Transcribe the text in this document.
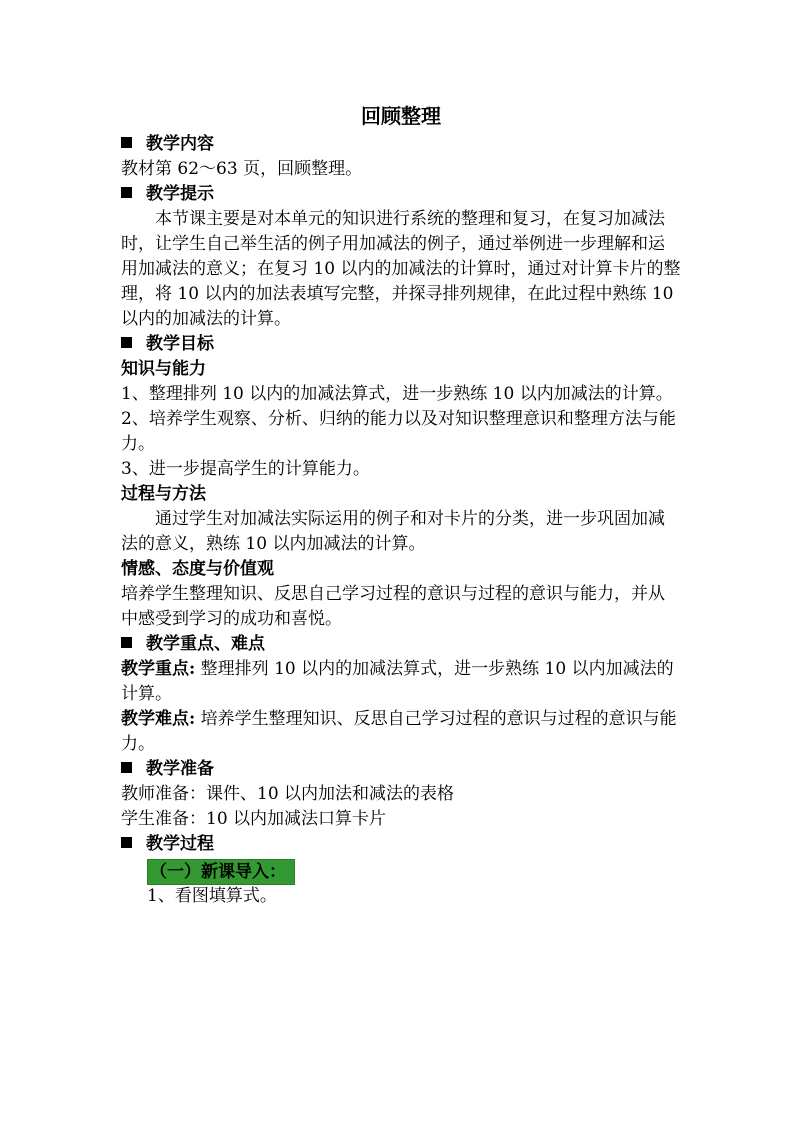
回顾整理
教学内容

教材第 62～63 页，回顾整理。

教学提示

本节课主要是对本单元的知识进行系统的整理和复习，在复习加减法时，让学生自己举生活的例子用加减法的例子，通过举例进一步理解和运用加减法的意义；在复习 10 以内的加减法的计算时，通过对计算卡片的整理，将 10 以内的加法表填写完整，并探寻排列规律，在此过程中熟练 10 以内的加减法的计算。

教学目标
知识与能力

1、整理排列 10 以内的加减法算式，进一步熟练 10 以内加减法的计算。

2、培养学生观察、分析、归纳的能力以及对知识整理意识和整理方法与能力。

3、进一步提高学生的计算能力。

过程与方法

通过学生对加减法实际运用的例子和对卡片的分类，进一步巩固加减法的意义，熟练 10 以内加减法的计算。

情感、态度与价值观

培养学生整理知识、反思自己学习过程的意识与过程的意识与能力，并从中感受到学习的成功和喜悦。

教学重点、难点

教学重点: 整理排列 10 以内的加减法算式，进一步熟练 10 以内加减法的计算。

教学难点: 培养学生整理知识、反思自己学习过程的意识与过程的意识与能力。

教学准备

教师准备：课件、10 以内加法和减法的表格

学生准备：10 以内加减法口算卡片

教学过程
（一）新课导入：

1、看图填算式。
